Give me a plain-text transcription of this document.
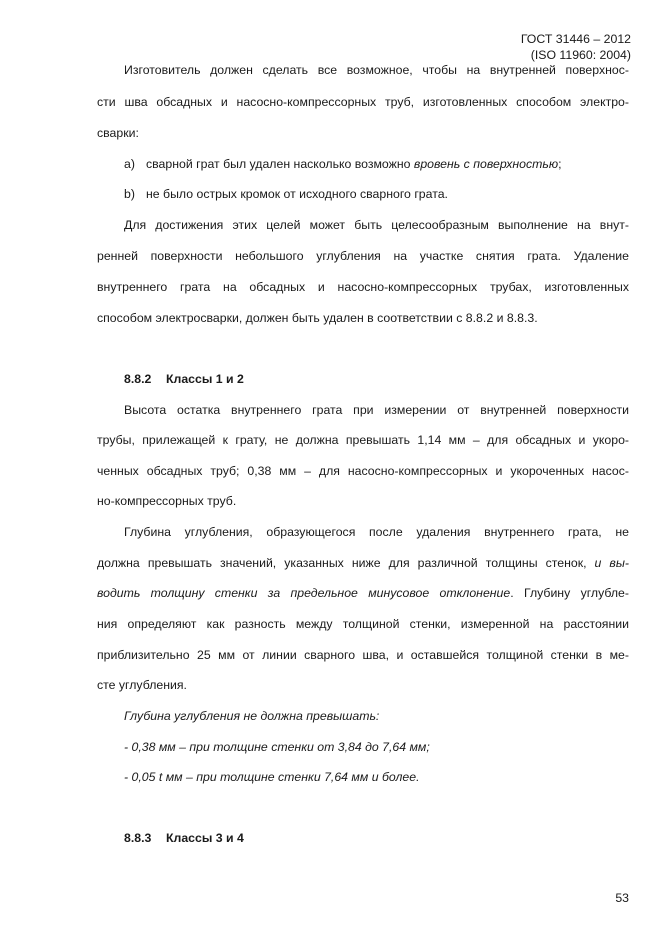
ГОСТ 31446 – 2012
(ISO 11960: 2004)
Изготовитель должен сделать все возможное, чтобы на внутренней поверхнос-
сти шва обсадных и насосно-компрессорных труб, изготовленных способом электро-
сварки:
а) сварной грат был удален насколько возможно вровень с поверхностью;
b) не было острых кромок от исходного сварного грата.
Для достижения этих целей может быть целесообразным выполнение на внут-
ренней поверхности небольшого углубления на участке снятия грата. Удаление
внутреннего грата на обсадных и насосно-компрессорных трубах, изготовленных
способом электросварки, должен быть удален в соответствии с 8.8.2 и 8.8.3.
8.8.2 Классы 1 и 2
Высота остатка внутреннего грата при измерении от внутренней поверхности
трубы, прилежащей к грату, не должна превышать 1,14 мм – для обсадных и укоро-
ченных обсадных труб; 0,38 мм – для насосно-компрессорных и укороченных насос-
но-компрессорных труб.
Глубина углубления, образующегося после удаления внутреннего грата, не
должна превышать значений, указанных ниже для различной толщины стенок, и вы-
водить толщину стенки за предельное минусовое отклонение. Глубину углубле-
ния определяют как разность между толщиной стенки, измеренной на расстоянии
приблизительно 25 мм от линии сварного шва, и оставшейся толщиной стенки в ме-
сте углубления.
Глубина углубления не должна превышать:
- 0,38 мм – при толщине стенки от 3,84 до 7,64 мм;
- 0,05 t мм – при толщине стенки 7,64 мм и более.
8.8.3 Классы 3 и 4
53
